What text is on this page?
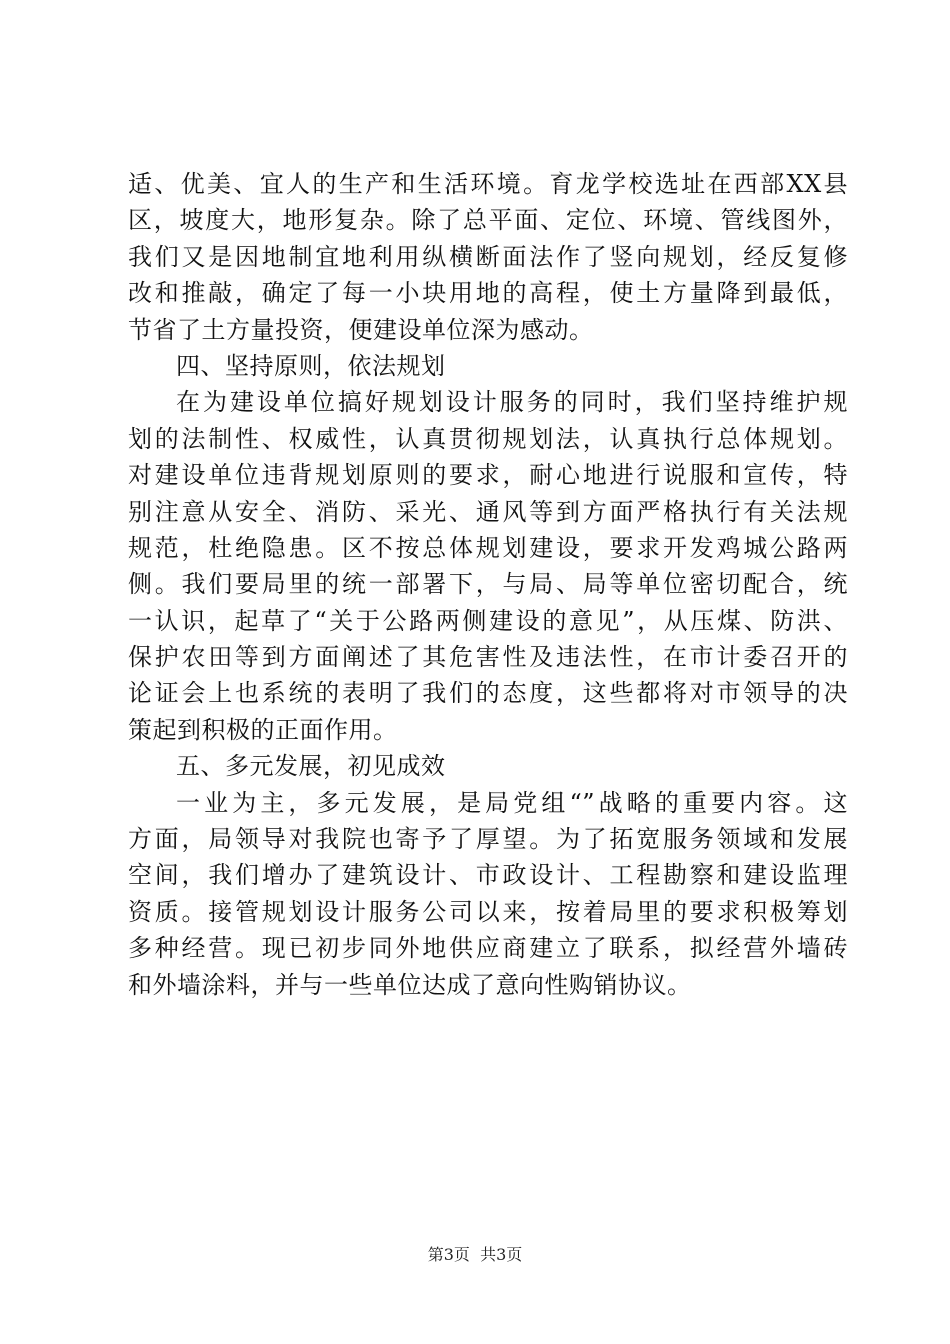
适、优美、宜人的生产和生活环境。育龙学校选址在西部XX县
区，坡度大，地形复杂。除了总平面、定位、环境、管线图外，
我们又是因地制宜地利用纵横断面法作了竖向规划，经反复修
改和推敲，确定了每一小块用地的高程，使土方量降到最低，
节省了土方量投资，便建设单位深为感动。
四、坚持原则，依法规划
在为建设单位搞好规划设计服务的同时，我们坚持维护规
划的法制性、权威性，认真贯彻规划法，认真执行总体规划。
对建设单位违背规划原则的要求，耐心地进行说服和宣传，特
别注意从安全、消防、采光、通风等到方面严格执行有关法规
规范，杜绝隐患。区不按总体规划建设，要求开发鸡城公路两
侧。我们要局里的统一部署下，与局、局等单位密切配合，统
一认识，起草了“关于公路两侧建设的意见”，从压煤、防洪、
保护农田等到方面阐述了其危害性及违法性，在市计委召开的
论证会上也系统的表明了我们的态度，这些都将对市领导的决
策起到积极的正面作用。
五、多元发展，初见成效
一业为主，多元发展，是局党组“”战略的重要内容。这
方面，局领导对我院也寄予了厚望。为了拓宽服务领域和发展
空间，我们增办了建筑设计、市政设计、工程勘察和建设监理
资质。接管规划设计服务公司以来，按着局里的要求积极筹划
多种经营。现已初步同外地供应商建立了联系，拟经营外墙砖
和外墙涂料，并与一些单位达成了意向性购销协议。
第3页  共3页
